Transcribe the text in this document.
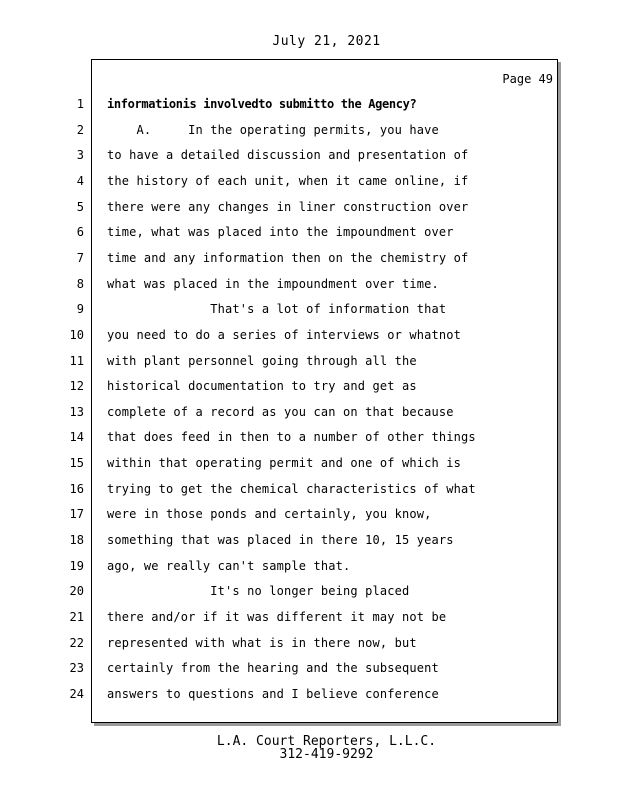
July 21, 2021
Page 49
1 informationis involvedto submitto the Agency?
2 A.     In the operating permits, you have
3 to have a detailed discussion and presentation of
4 the history of each unit, when it came online, if
5 there were any changes in liner construction over
6 time, what was placed into the impoundment over
7 time and any information then on the chemistry of
8 what was placed in the impoundment over time.
9 That's a lot of information that
10 you need to do a series of interviews or whatnot
11 with plant personnel going through all the
12 historical documentation to try and get as
13 complete of a record as you can on that because
14 that does feed in then to a number of other things
15 within that operating permit and one of which is
16 trying to get the chemical characteristics of what
17 were in those ponds and certainly, you know,
18 something that was placed in there 10, 15 years
19 ago, we really can't sample that.
20 It's no longer being placed
21 there and/or if it was different it may not be
22 represented with what is in there now, but
23 certainly from the hearing and the subsequent
24 answers to questions and I believe conference
L.A. Court Reporters, L.L.C.
312-419-9292
